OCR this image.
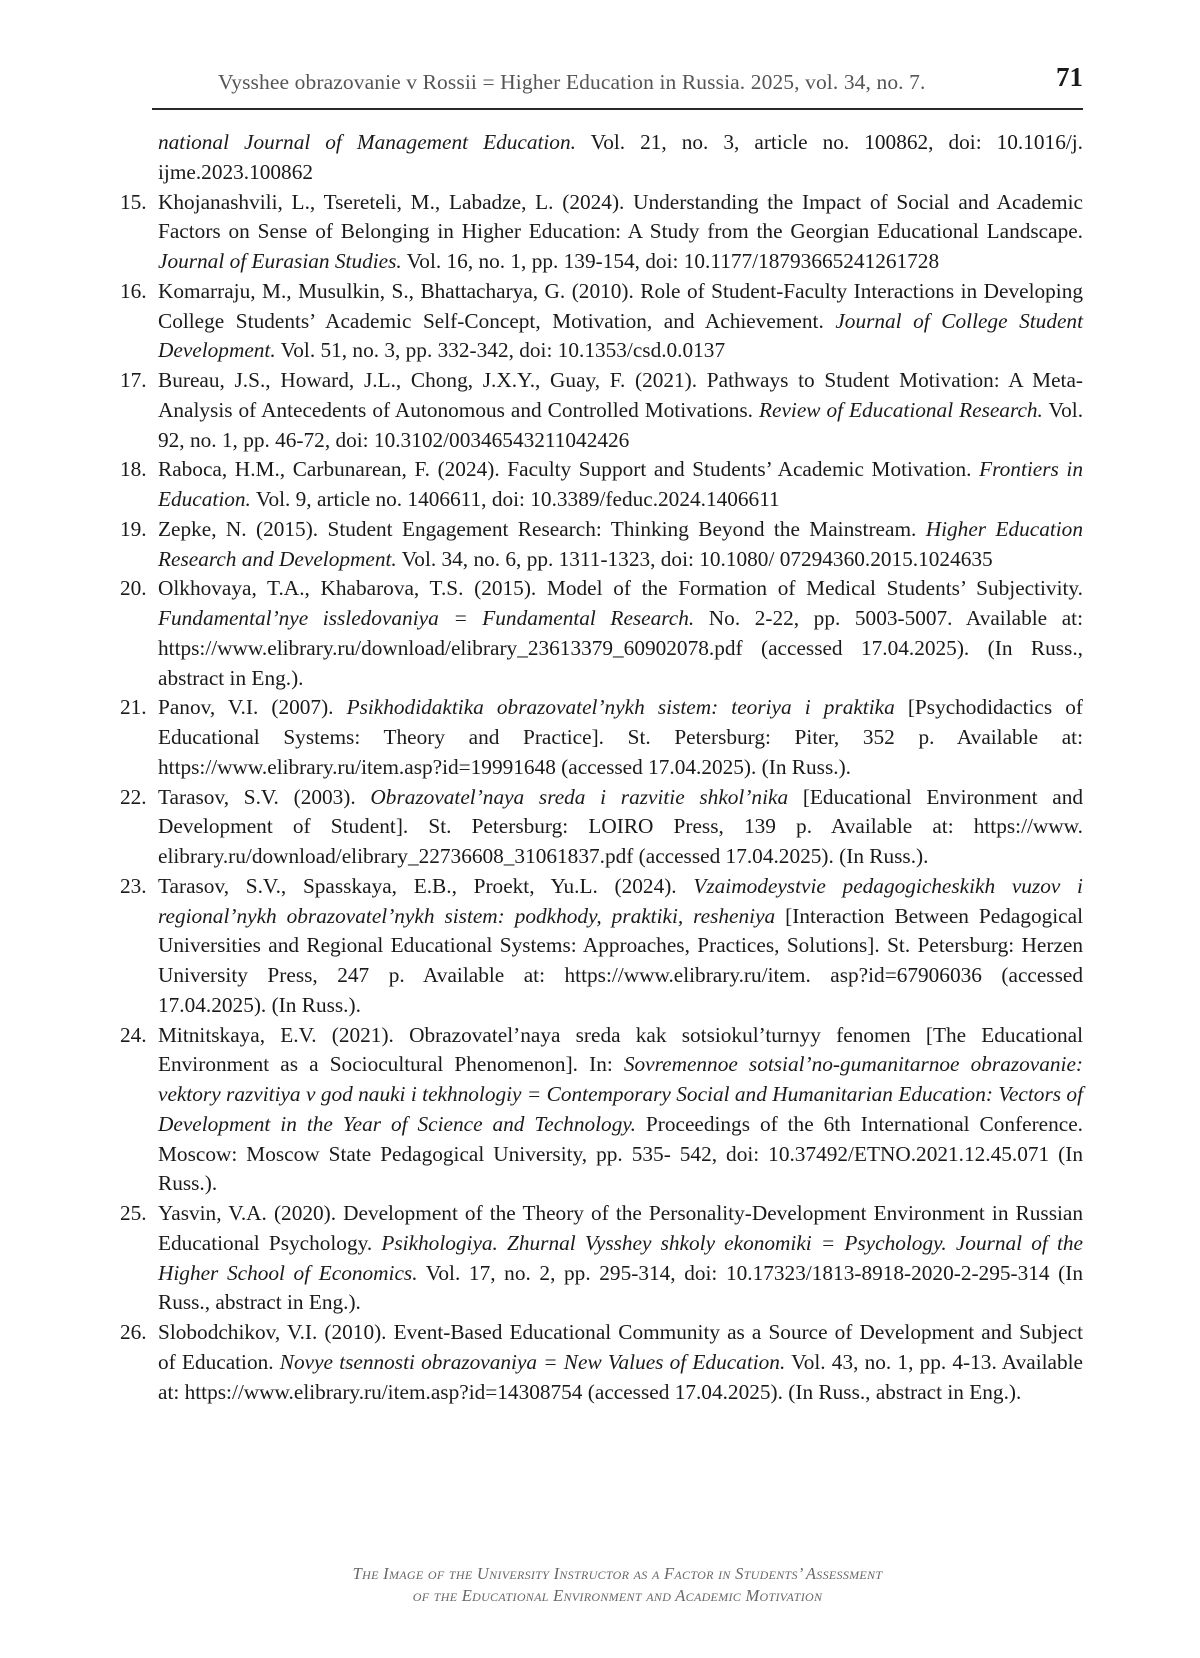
Vysshee obrazovanie v Rossii = Higher Education in Russia. 2025, vol. 34, no. 7.	71

national Journal of Management Education. Vol. 21, no. 3, article no. 100862, doi: 10.1016/j. ijme.2023.100862

15. Khojanashvili, L., Tsereteli, M., Labadze, L. (2024). Understanding the Impact of Social and Academic Factors on Sense of Belonging in Higher Education: A Study from the Georgian Educational Landscape. Journal of Eurasian Studies. Vol. 16, no. 1, pp. 139-154, doi: 10.1177/18793665241261728

16. Komarraju, M., Musulkin, S., Bhattacharya, G. (2010). Role of Student-Faculty Interactions in Developing College Students’ Academic Self-Concept, Motivation, and Achievement. Journal of College Student Development. Vol. 51, no. 3, pp. 332-342, doi: 10.1353/csd.0.0137

17. Bureau, J.S., Howard, J.L., Chong, J.X.Y., Guay, F. (2021). Pathways to Student Motivation: A Meta-Analysis of Antecedents of Autonomous and Controlled Motivations. Review of Educational Research. Vol. 92, no. 1, pp. 46-72, doi: 10.3102/00346543211042426

18. Raboca, H.M., Carbunarean, F. (2024). Faculty Support and Students’ Academic Motivation. Frontiers in Education. Vol. 9, article no. 1406611, doi: 10.3389/feduc.2024.1406611

19. Zepke, N. (2015). Student Engagement Research: Thinking Beyond the Mainstream. Higher Education Research and Development. Vol. 34, no. 6, pp. 1311-1323, doi: 10.1080/ 07294360.2015.1024635

20. Olkhovaya, T.A., Khabarova, T.S. (2015). Model of the Formation of Medical Students’ Subjectivity. Fundamental’nye issledovaniya = Fundamental Research. No. 2-22, pp. 5003-5007. Available at: https://www.elibrary.ru/download/elibrary_23613379_60902078.pdf (accessed 17.04.2025). (In Russ., abstract in Eng.).

21. Panov, V.I. (2007). Psikhodidaktika obrazovatel’nykh sistem: teoriya i praktika [Psychodidactics of Educational Systems: Theory and Practice]. St. Petersburg: Piter, 352 p. Available at: https://www.elibrary.ru/item.asp?id=19991648 (accessed 17.04.2025). (In Russ.).

22. Tarasov, S.V. (2003). Obrazovatel’naya sreda i razvitie shkol’nika [Educational Environment and Development of Student]. St. Petersburg: LOIRO Press, 139 p. Available at: https://www. elibrary.ru/download/elibrary_22736608_31061837.pdf (accessed 17.04.2025). (In Russ.).

23. Tarasov, S.V., Spasskaya, E.B., Proekt, Yu.L. (2024). Vzaimodeystvie pedagogicheskikh vuzov i regional’nykh obrazovatel’nykh sistem: podkhody, praktiki, resheniya [Interaction Between Pedagogical Universities and Regional Educational Systems: Approaches, Practices, Solutions]. St. Petersburg: Herzen University Press, 247 p. Available at: https://www.elibrary.ru/item. asp?id=67906036 (accessed 17.04.2025). (In Russ.).

24. Mitnitskaya, E.V. (2021). Obrazovatel’naya sreda kak sotsiokul’turnyy fenomen [The Educational Environment as a Sociocultural Phenomenon]. In: Sovremennoe sotsial’no-gumanitarnoe obrazovanie: vektory razvitiya v god nauki i tekhnologiy = Contemporary Social and Humanitarian Education: Vectors of Development in the Year of Science and Technology. Proceedings of the 6th International Conference. Moscow: Moscow State Pedagogical University, pp. 535- 542, doi: 10.37492/ETNO.2021.12.45.071 (In Russ.).

25. Yasvin, V.A. (2020). Development of the Theory of the Personality-Development Environment in Russian Educational Psychology. Psikhologiya. Zhurnal Vysshey shkoly ekonomiki = Psychology. Journal of the Higher School of Economics. Vol. 17, no. 2, pp. 295-314, doi: 10.17323/1813-8918-2020-2-295-314 (In Russ., abstract in Eng.).

26. Slobodchikov, V.I. (2010). Event-Based Educational Community as a Source of Development and Subject of Education. Novye tsennosti obrazovaniya = New Values of Education. Vol. 43, no. 1, pp. 4-13. Available at: https://www.elibrary.ru/item.asp?id=14308754 (accessed 17.04.2025). (In Russ., abstract in Eng.).

The Image of the University Instructor as a Factor in Students’ Assessment
of the Educational Environment and Academic Motivation
